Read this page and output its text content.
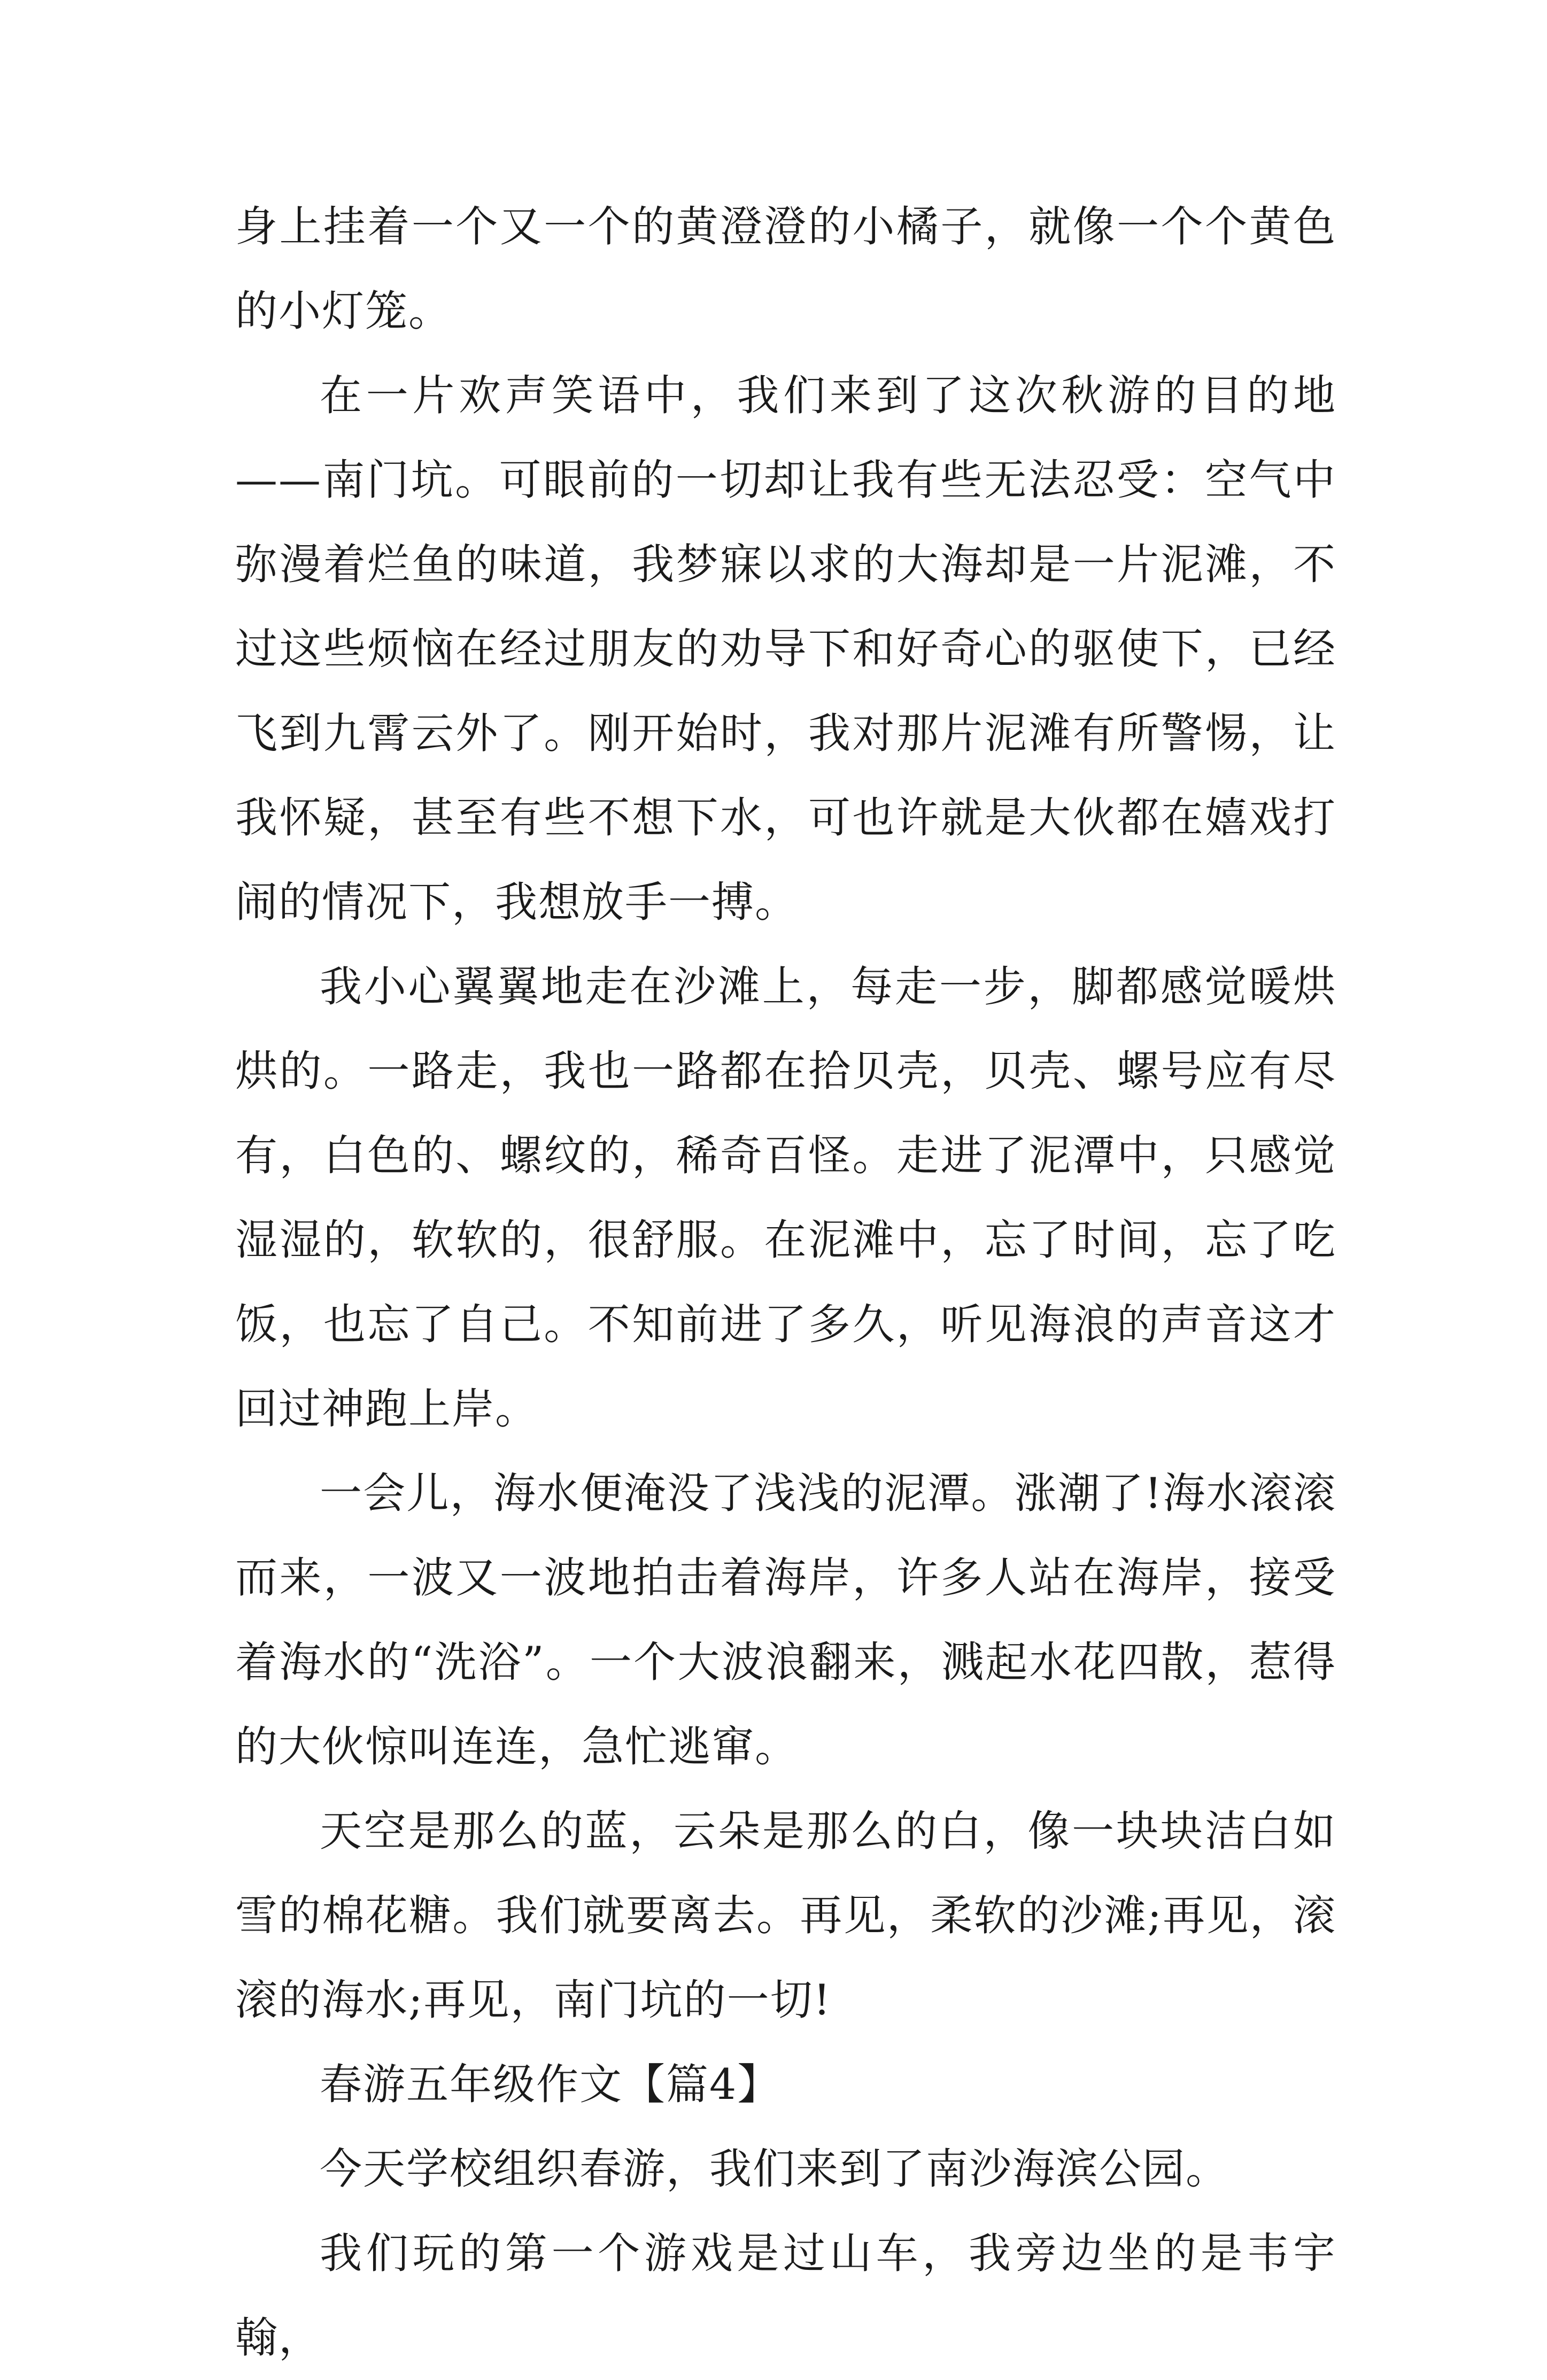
身上挂着一个又一个的黄澄澄的小橘子，就像一个个黄色的小灯笼。

在一片欢声笑语中，我们来到了这次秋游的目的地——南门坑。可眼前的一切却让我有些无法忍受：空气中弥漫着烂鱼的味道，我梦寐以求的大海却是一片泥滩，不过这些烦恼在经过朋友的劝导下和好奇心的驱使下，已经飞到九霄云外了。刚开始时，我对那片泥滩有所警惕，让我怀疑，甚至有些不想下水，可也许就是大伙都在嬉戏打闹的情况下，我想放手一搏。

我小心翼翼地走在沙滩上，每走一步，脚都感觉暖烘烘的。一路走，我也一路都在拾贝壳，贝壳、螺号应有尽有，白色的、螺纹的，稀奇百怪。走进了泥潭中，只感觉湿湿的，软软的，很舒服。在泥滩中，忘了时间，忘了吃饭，也忘了自己。不知前进了多久，听见海浪的声音这才回过神跑上岸。

一会儿，海水便淹没了浅浅的泥潭。涨潮了!海水滚滚而来，一波又一波地拍击着海岸，许多人站在海岸，接受着海水的“洗浴”。一个大波浪翻来，溅起水花四散，惹得的大伙惊叫连连，急忙逃窜。

天空是那么的蓝，云朵是那么的白，像一块块洁白如雪的棉花糖。我们就要离去。再见，柔软的沙滩;再见，滚滚的海水;再见，南门坑的一切!

春游五年级作文【篇4】

今天学校组织春游，我们来到了南沙海滨公园。

我们玩的第一个游戏是过山车，我旁边坐的是韦宇翰，
